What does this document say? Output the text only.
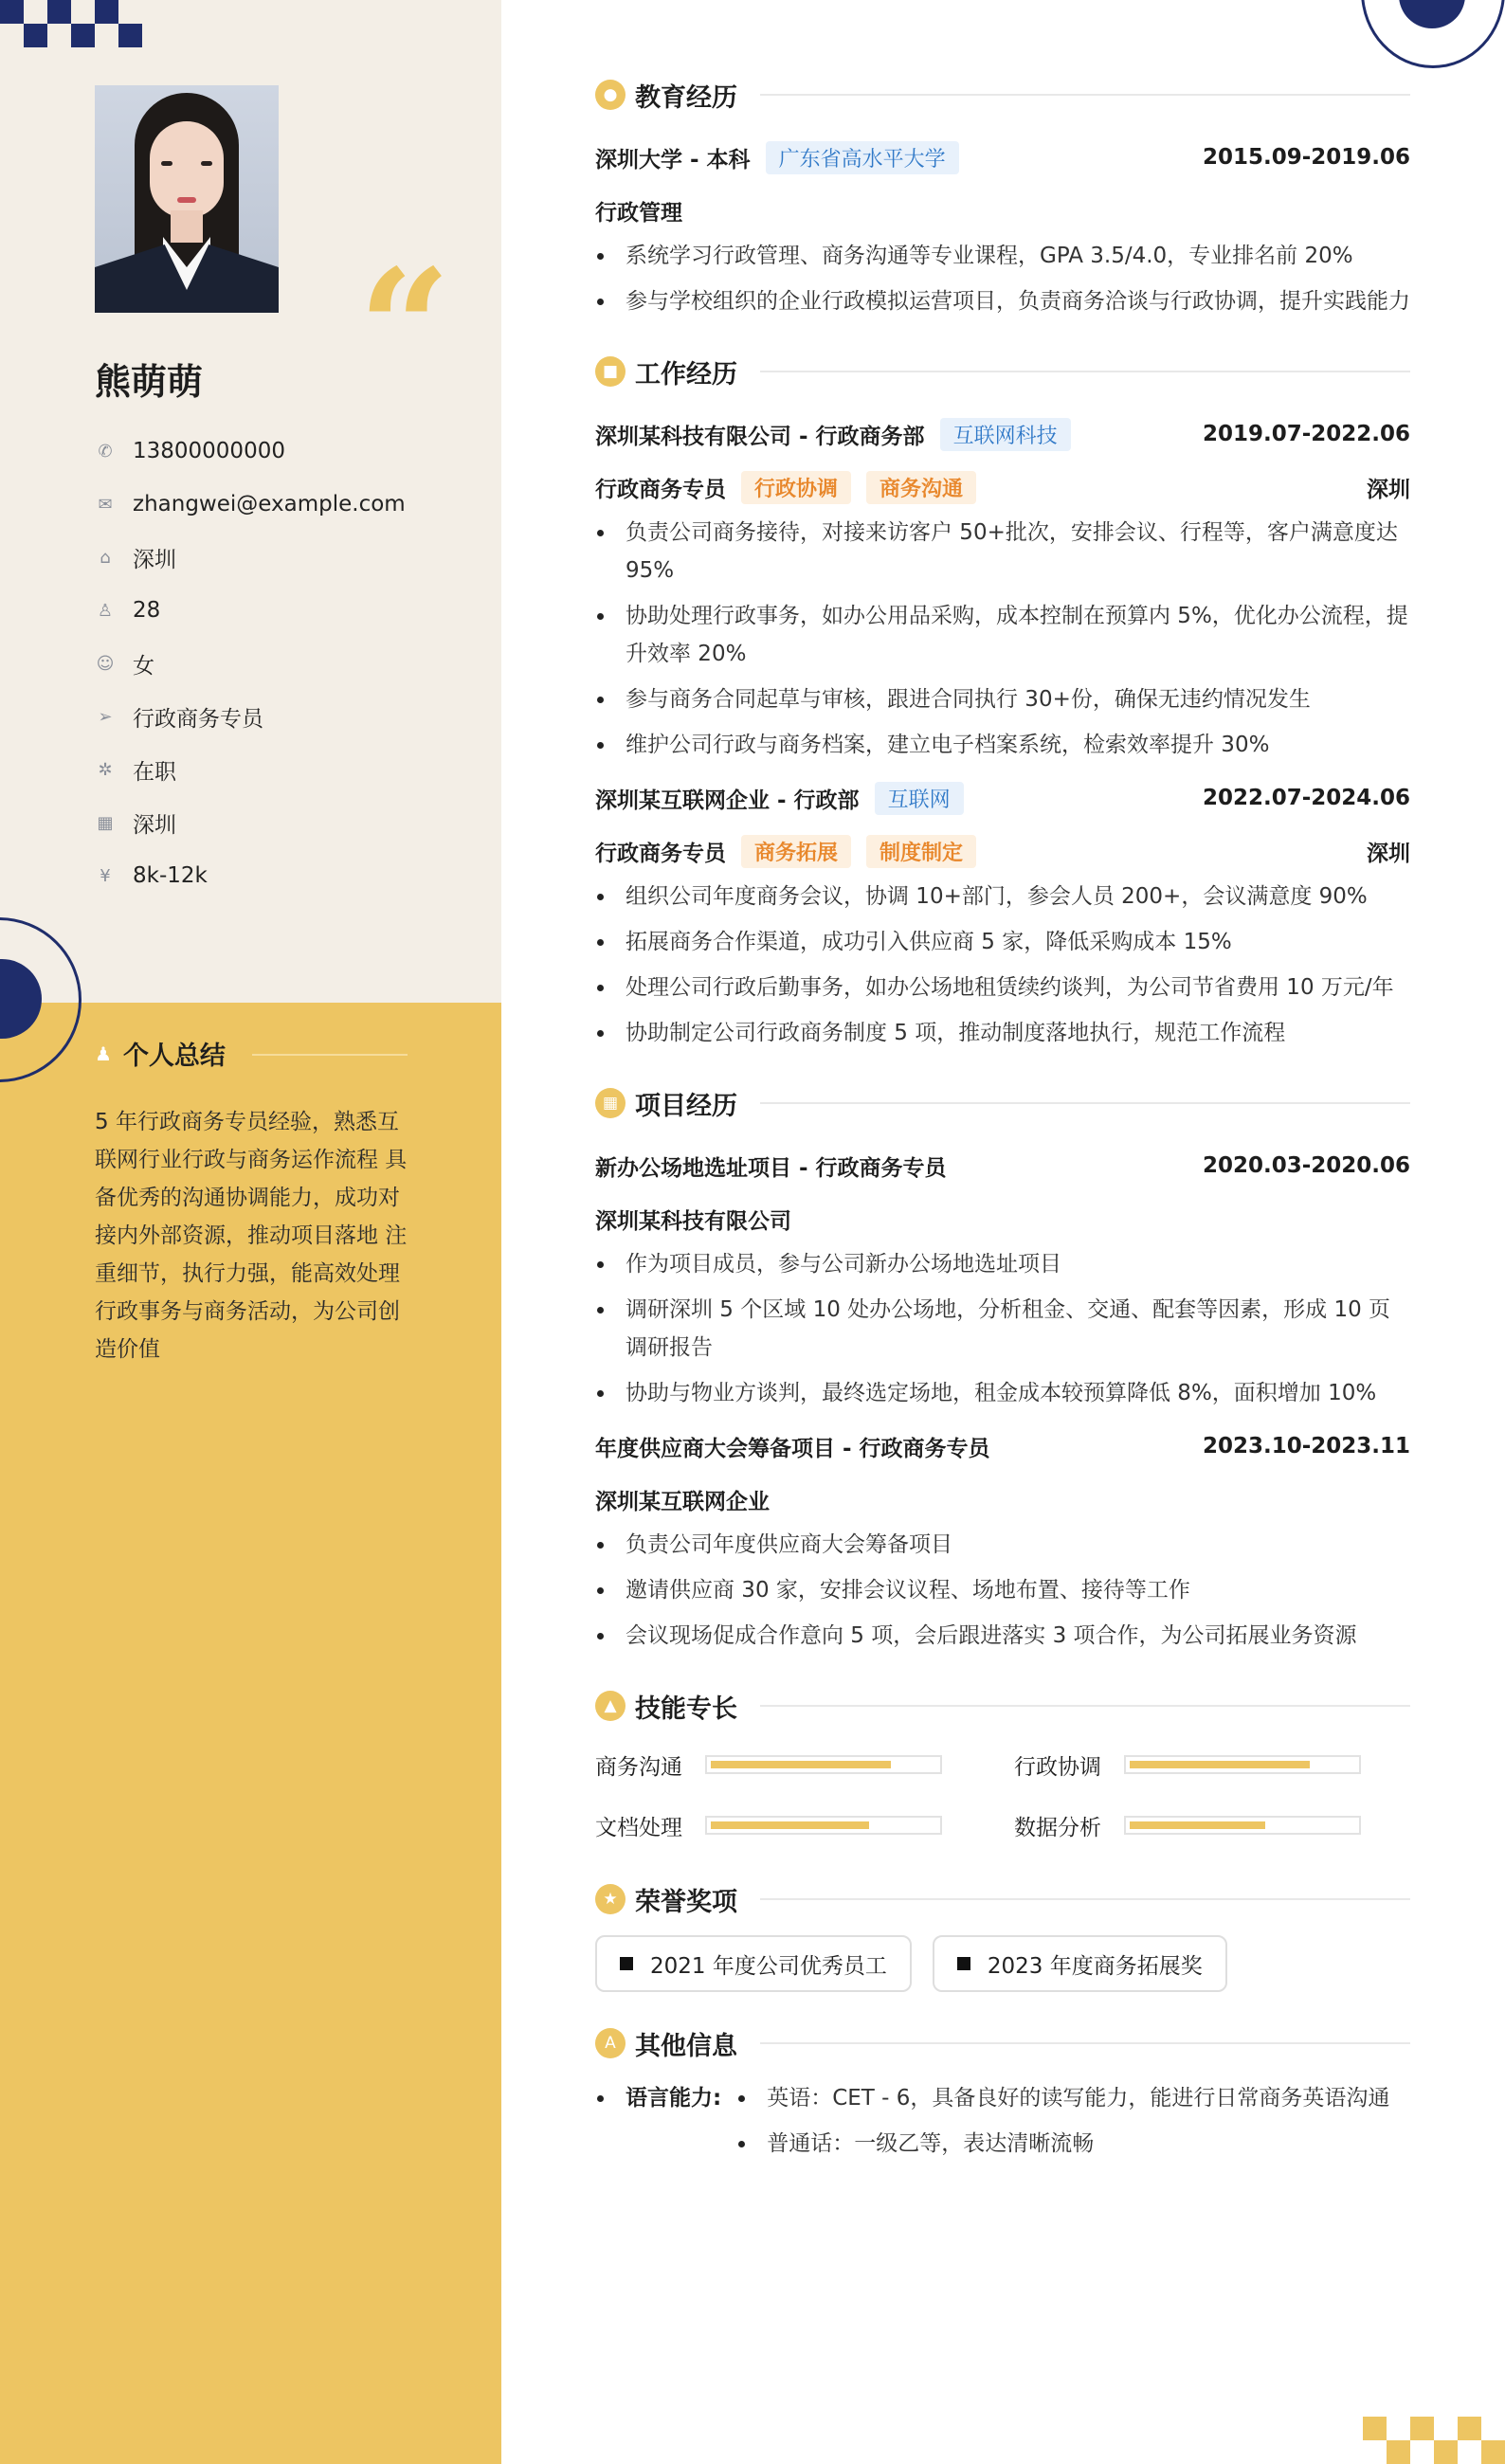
“
熊萌萌
✆ 13800000000
✉ zhangwei@example.com
⌂ 深圳
♙ 28
☺ 女
➢ 行政商务专员
✲ 在职
▦ 深圳
¥ 8k-12k
♟ 个人总结
5 年行政商务专员经验，熟悉互联网行业行政与商务运作流程 具备优秀的沟通协调能力，成功对接内外部资源，推动项目落地 注重细节，执行力强，能高效处理行政事务与商务活动，为公司创造价值
● 教育经历
深圳大学 - 本科	广东省高水平大学	2015.09-2019.06
行政管理
系统学习行政管理、商务沟通等专业课程，GPA 3.5/4.0，专业排名前 20%
参与学校组织的企业行政模拟运营项目，负责商务洽谈与行政协调，提升实践能力
■ 工作经历
深圳某科技有限公司 - 行政商务部	互联网科技	2019.07-2022.06
行政商务专员	行政协调	商务沟通	深圳
负责公司商务接待，对接来访客户 50+批次，安排会议、行程等，客户满意度达 95%
协助处理行政事务，如办公用品采购，成本控制在预算内 5%，优化办公流程，提升效率 20%
参与商务合同起草与审核，跟进合同执行 30+份，确保无违约情况发生
维护公司行政与商务档案，建立电子档案系统，检索效率提升 30%
深圳某互联网企业 - 行政部	互联网	2022.07-2024.06
行政商务专员	商务拓展	制度制定	深圳
组织公司年度商务会议，协调 10+部门，参会人员 200+，会议满意度 90%
拓展商务合作渠道，成功引入供应商 5 家，降低采购成本 15%
处理公司行政后勤事务，如办公场地租赁续约谈判，为公司节省费用 10 万元/年
协助制定公司行政商务制度 5 项，推动制度落地执行，规范工作流程
▦ 项目经历
新办公场地选址项目 - 行政商务专员	2020.03-2020.06
深圳某科技有限公司
作为项目成员，参与公司新办公场地选址项目
调研深圳 5 个区域 10 处办公场地，分析租金、交通、配套等因素，形成 10 页调研报告
协助与物业方谈判，最终选定场地，租金成本较预算降低 8%，面积增加 10%
年度供应商大会筹备项目 - 行政商务专员	2023.10-2023.11
深圳某互联网企业
负责公司年度供应商大会筹备项目
邀请供应商 30 家，安排会议议程、场地布置、接待等工作
会议现场促成合作意向 5 项，会后跟进落实 3 项合作，为公司拓展业务资源
▲ 技能专长
商务沟通	行政协调
文档处理	数据分析
★ 荣誉奖项
2021 年度公司优秀员工	2023 年度商务拓展奖
A 其他信息
语言能力:	英语：CET - 6，具备良好的读写能力，能进行日常商务英语沟通
普通话：一级乙等，表达清晰流畅
